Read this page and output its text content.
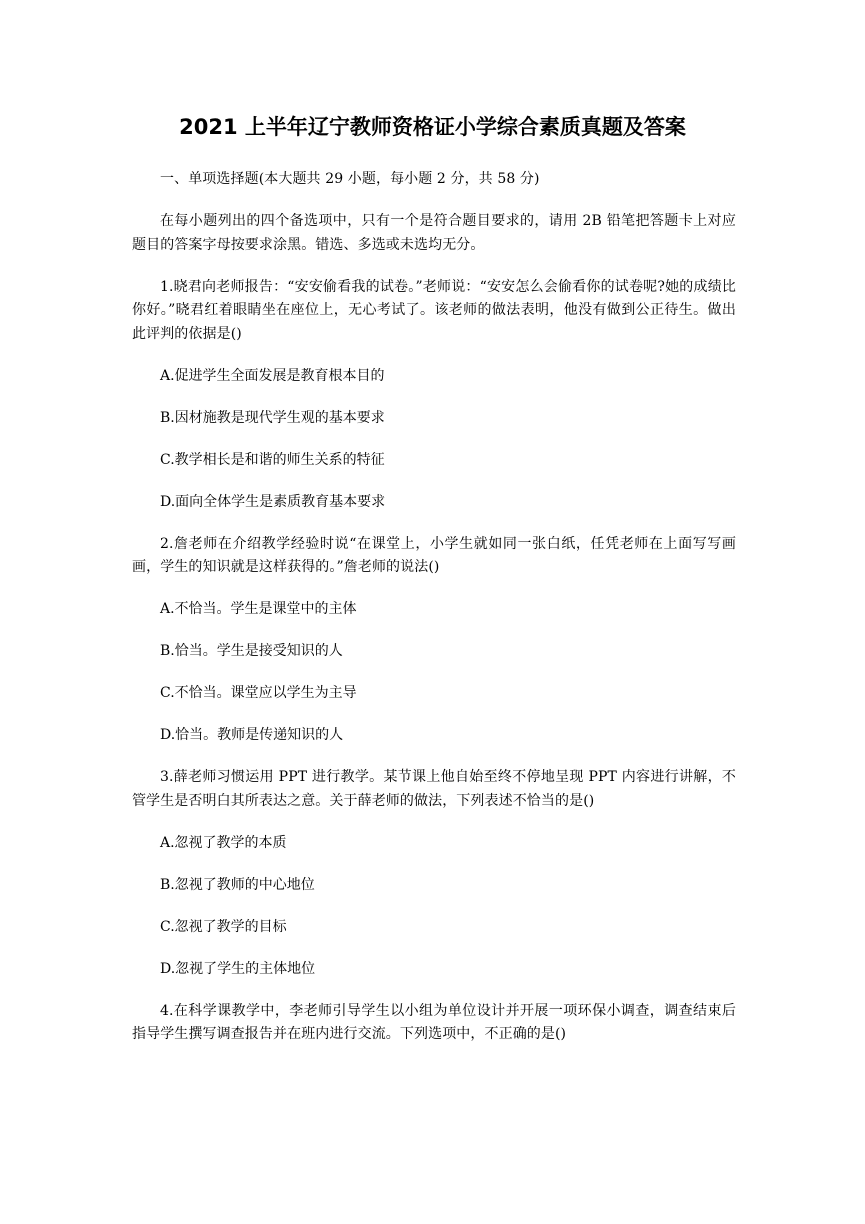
2021 上半年辽宁教师资格证小学综合素质真题及答案

一、单项选择题(本大题共 29 小题，每小题 2 分，共 58 分)

在每小题列出的四个备选项中，只有一个是符合题目要求的，请用 2B 铅笔把答题卡上对应题目的答案字母按要求涂黑。错选、多选或未选均无分。

1.晓君向老师报告：“安安偷看我的试卷。”老师说：“安安怎么会偷看你的试卷呢?她的成绩比你好。”晓君红着眼睛坐在座位上，无心考试了。该老师的做法表明，他没有做到公正待生。做出此评判的依据是()

A.促进学生全面发展是教育根本目的

B.因材施教是现代学生观的基本要求

C.教学相长是和谐的师生关系的特征

D.面向全体学生是素质教育基本要求

2.詹老师在介绍教学经验时说“在课堂上，小学生就如同一张白纸，任凭老师在上面写写画画，学生的知识就是这样获得的。”詹老师的说法()

A.不恰当。学生是课堂中的主体

B.恰当。学生是接受知识的人

C.不恰当。课堂应以学生为主导

D.恰当。教师是传递知识的人

3.薛老师习惯运用 PPT 进行教学。某节课上他自始至终不停地呈现 PPT 内容进行讲解，不管学生是否明白其所表达之意。关于薛老师的做法，下列表述不恰当的是()

A.忽视了教学的本质

B.忽视了教师的中心地位

C.忽视了教学的目标

D.忽视了学生的主体地位

4.在科学课教学中，李老师引导学生以小组为单位设计并开展一项环保小调查，调查结束后指导学生撰写调查报告并在班内进行交流。下列选项中，不正确的是()
